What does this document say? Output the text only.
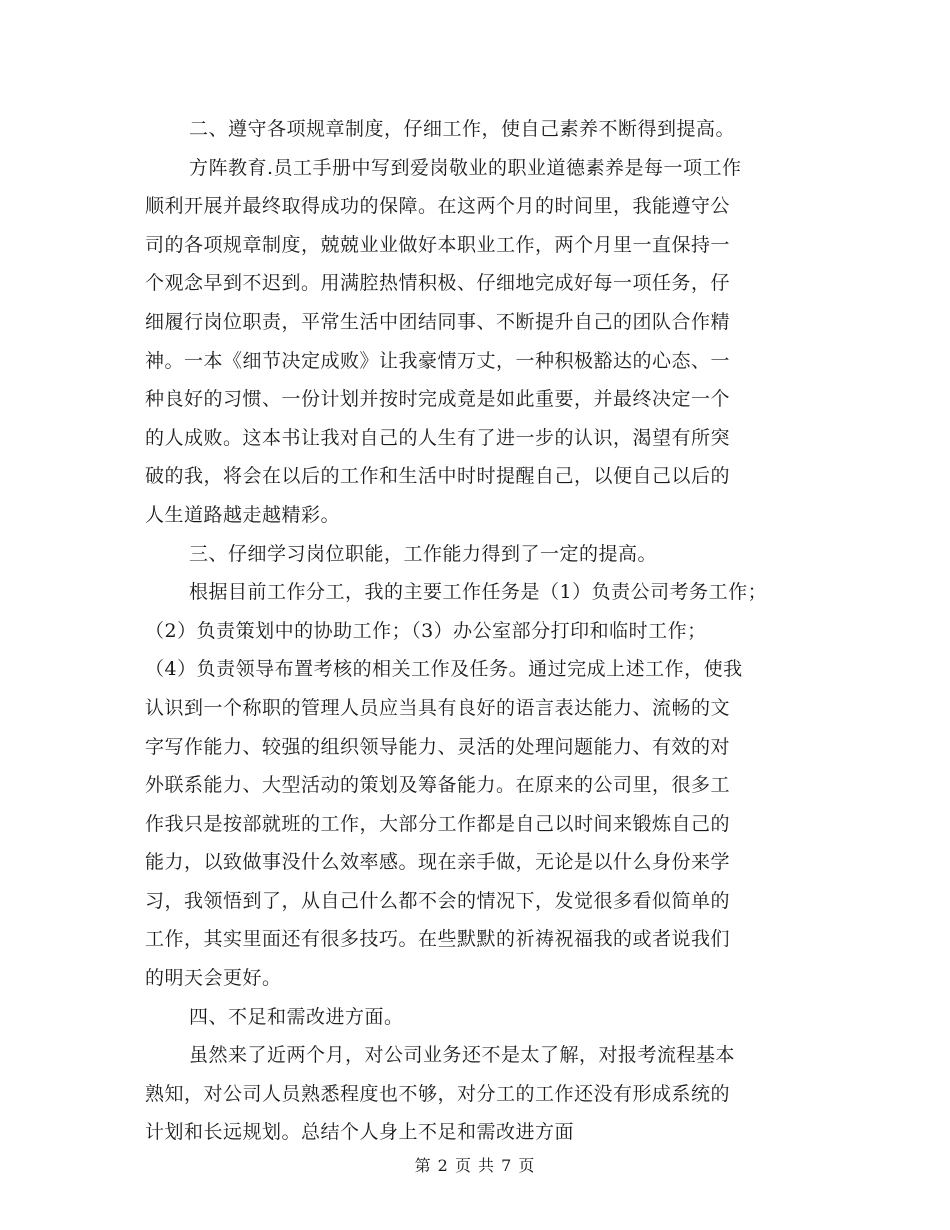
二、遵守各项规章制度，仔细工作，使自己素养不断得到提高。
方阵教育.员工手册中写到爱岗敬业的职业道德素养是每一项工作
顺利开展并最终取得成功的保障。在这两个月的时间里，我能遵守公
司的各项规章制度，兢兢业业做好本职业工作，两个月里一直保持一
个观念早到不迟到。用满腔热情积极、仔细地完成好每一项任务，仔
细履行岗位职责，平常生活中团结同事、不断提升自己的团队合作精
神。一本《细节决定成败》让我豪情万丈，一种积极豁达的心态、一
种良好的习惯、一份计划并按时完成竟是如此重要，并最终决定一个
的人成败。这本书让我对自己的人生有了进一步的认识，渴望有所突
破的我，将会在以后的工作和生活中时时提醒自己，以便自己以后的
人生道路越走越精彩。
三、仔细学习岗位职能，工作能力得到了一定的提高。
根据目前工作分工，我的主要工作任务是（1）负责公司考务工作；
（2）负责策划中的协助工作；（3）办公室部分打印和临时工作；
（4）负责领导布置考核的相关工作及任务。通过完成上述工作，使我
认识到一个称职的管理人员应当具有良好的语言表达能力、流畅的文
字写作能力、较强的组织领导能力、灵活的处理问题能力、有效的对
外联系能力、大型活动的策划及筹备能力。在原来的公司里，很多工
作我只是按部就班的工作，大部分工作都是自己以时间来锻炼自己的
能力，以致做事没什么效率感。现在亲手做，无论是以什么身份来学
习，我领悟到了，从自己什么都不会的情况下，发觉很多看似简单的
工作，其实里面还有很多技巧。在些默默的祈祷祝福我的或者说我们
的明天会更好。
四、不足和需改进方面。
虽然来了近两个月，对公司业务还不是太了解，对报考流程基本
熟知，对公司人员熟悉程度也不够，对分工的工作还没有形成系统的
计划和长远规划。总结个人身上不足和需改进方面
第 2 页 共 7 页
